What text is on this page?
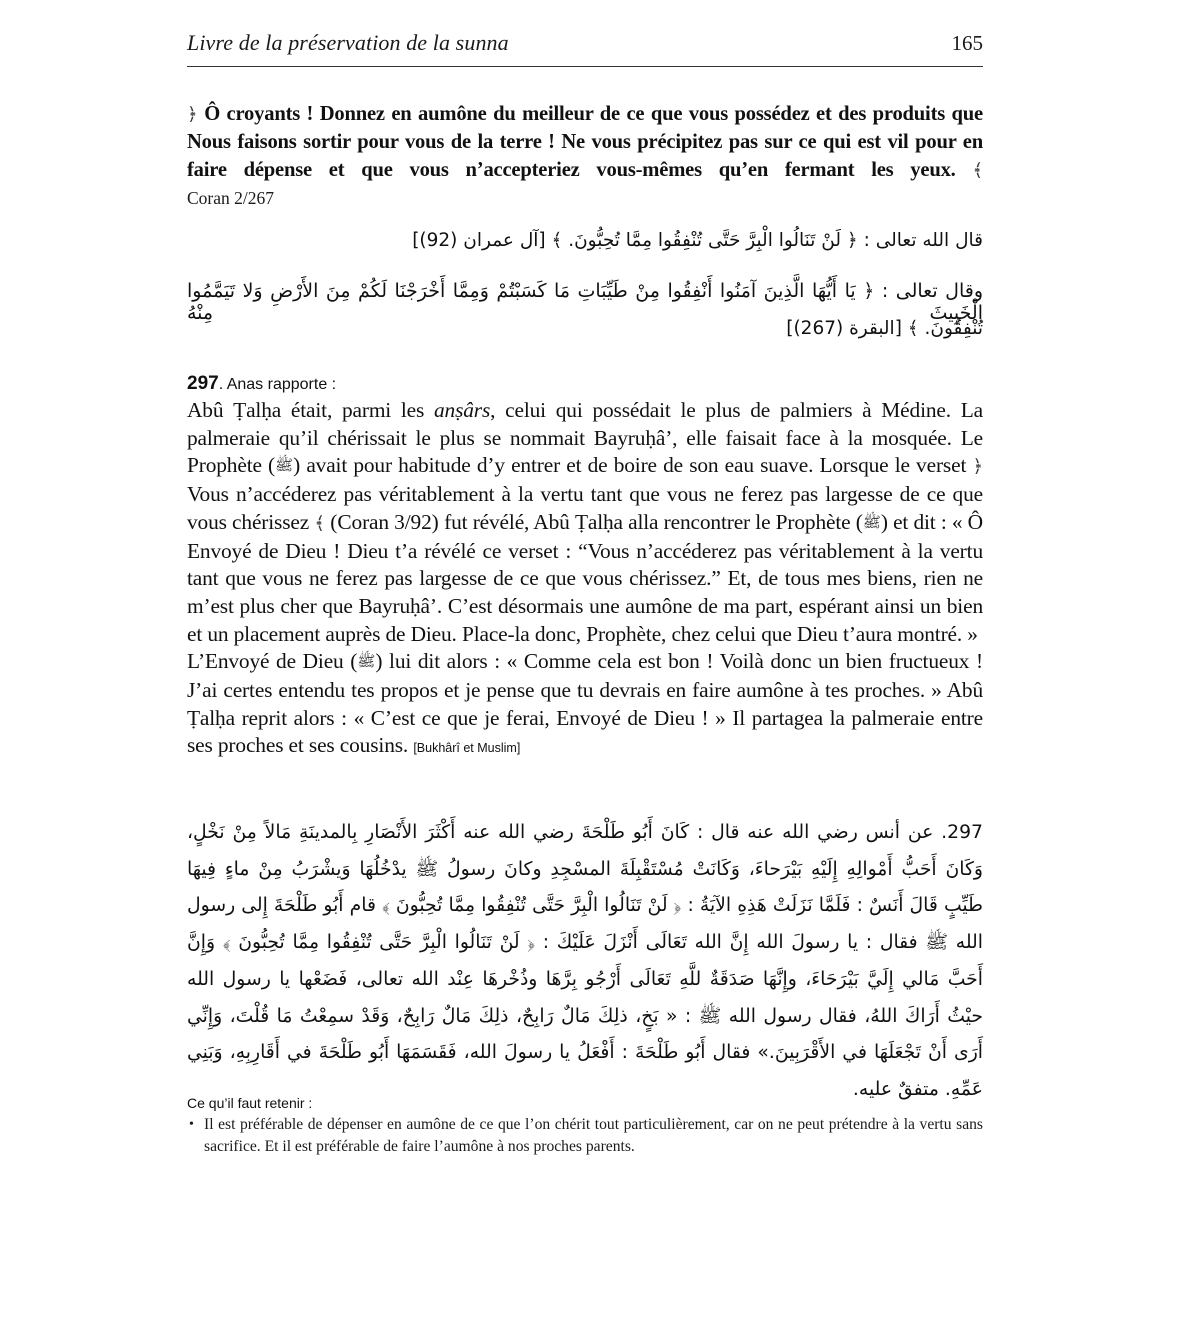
Livre de la préservation de la sunna	165
﴿ Ô croyants ! Donnez en aumône du meilleur de ce que vous possédez et des produits que Nous faisons sortir pour vous de la terre ! Ne vous précipitez pas sur ce qui est vil pour en faire dépense et que vous n’accepteriez vous-mêmes qu’en fermant les yeux. ﴾
Coran 2/267
قال الله تعالى : ﴿ لَنْ تَنَالُوا الْبِرَّ حَتَّى تُنْفِقُوا مِمَّا تُحِبُّونَ. ﴾ [آل عمران (92)]
وقال تعالى : ﴿ يَا أَيُّهَا الَّذِينَ آمَنُوا أَنْفِقُوا مِنْ طَيِّبَاتِ مَا كَسَبْتُمْ وَمِمَّا أَخْرَجْنَا لَكُمْ مِنَ الأَرْضِ وَلا تَيَمَّمُوا الْخَبِيثَ مِنْهُ
تُنْفِقُونَ. ﴾ [البقرة (267)]
297. Anas rapporte :

Abû Ṭalḥa était, parmi les anṣârs, celui qui possédait le plus de palmiers à Médine. La palmeraie qu’il chérissait le plus se nommait Bayruḥâ’, elle faisait face à la mosquée. Le Prophète (ﷺ) avait pour habitude d’y entrer et de boire de son eau suave. Lorsque le verset ﴿ Vous n’accéderez pas véritablement à la vertu tant que vous ne ferez pas largesse de ce que vous chérissez ﴾ (Coran 3/92) fut révélé, Abû Ṭalḥa alla rencontrer le Prophète (ﷺ) et dit : « Ô Envoyé de Dieu ! Dieu t’a révélé ce verset : “Vous n’accéderez pas véritablement à la vertu tant que vous ne ferez pas largesse de ce que vous chérissez.” Et, de tous mes biens, rien ne m’est plus cher que Bayruḥâ’. C’est désormais une aumône de ma part, espérant ainsi un bien et un placement auprès de Dieu. Place-la donc, Prophète, chez celui que Dieu t’aura montré. »

L’Envoyé de Dieu (ﷺ) lui dit alors : « Comme cela est bon ! Voilà donc un bien fructueux ! J’ai certes entendu tes propos et je pense que tu devrais en faire aumône à tes proches. » Abû Ṭalḥa reprit alors : « C’est ce que je ferai, Envoyé de Dieu ! » Il partagea la palmeraie entre ses proches et ses cousins. [Bukhârî et Muslim]

297. عن أنس رضي الله عنه قال : كَانَ أَبُو طَلْحَةَ رضي الله عنه أَكْثَرَ الأَنْصَارِ بِالمدينَةِ مَالاً مِنْ نَخْلٍ، وَكَانَ أَحَبُّ أَمْوالِهِ إِلَيْهِ بَيْرَحاءَ، وَكَانَتْ مُسْتَقْبِلَةَ المسْجِدِ وكانَ رسولُ ﷺ يدْخُلُهَا وَيشْرَبُ مِنْ ماءٍ فِيهَا طَيِّبٍ قَالَ أَنَسٌ : فَلَمَّا نَزَلَتْ هَذِهِ الآيَةُ : ﴿ لَنْ تَنَالُوا الْبِرَّ حَتَّى تُنْفِقُوا مِمَّا تُحِبُّونَ ﴾ قام أَبُو طَلْحَةَ إِلى رسول الله ﷺ فقال : يا رسولَ الله إِنَّ الله تَعَالَى أَنْزَلَ عَلَيْكَ : ﴿ لَنْ تَنَالُوا الْبِرَّ حَتَّى تُنْفِقُوا مِمَّا تُحِبُّونَ ﴾ وَإِنَّ أَحَبَّ مَالي إِلَيَّ بَيْرَحَاءَ، وإِنَّهَا صَدَقَةٌ للَّهِ تَعَالَى أَرْجُو بِرَّهَا وذُخْرهَا عِنْد الله تعالى، فَضَعْها يا رسول الله حيْثُ أَرَاكَ اللهُ، فقال رسول الله ﷺ : « بَخٍ، ذلِكَ مَالٌ رَابِحٌ، ذلِكَ مَالٌ رَابِحٌ، وَقَدْ سمِعْتُ مَا قُلْتَ، وَإِنِّي أَرَى أَنْ تَجْعَلَهَا في الأَقْرَبِينَ.» فقال أَبُو طَلْحَةَ : أَفْعَلُ يا رسولَ الله، فَقَسَمَهَا أَبُو طَلْحَةَ في أَقَارِبِهِ، وَبَنِي عَمِّهِ. متفقٌ عليه.
Ce qu’il faut retenir :
• Il est préférable de dépenser en aumône de ce que l’on chérit tout particulièrement, car on ne peut prétendre à la vertu sans sacrifice. Et il est préférable de faire l’aumône à nos proches parents.
